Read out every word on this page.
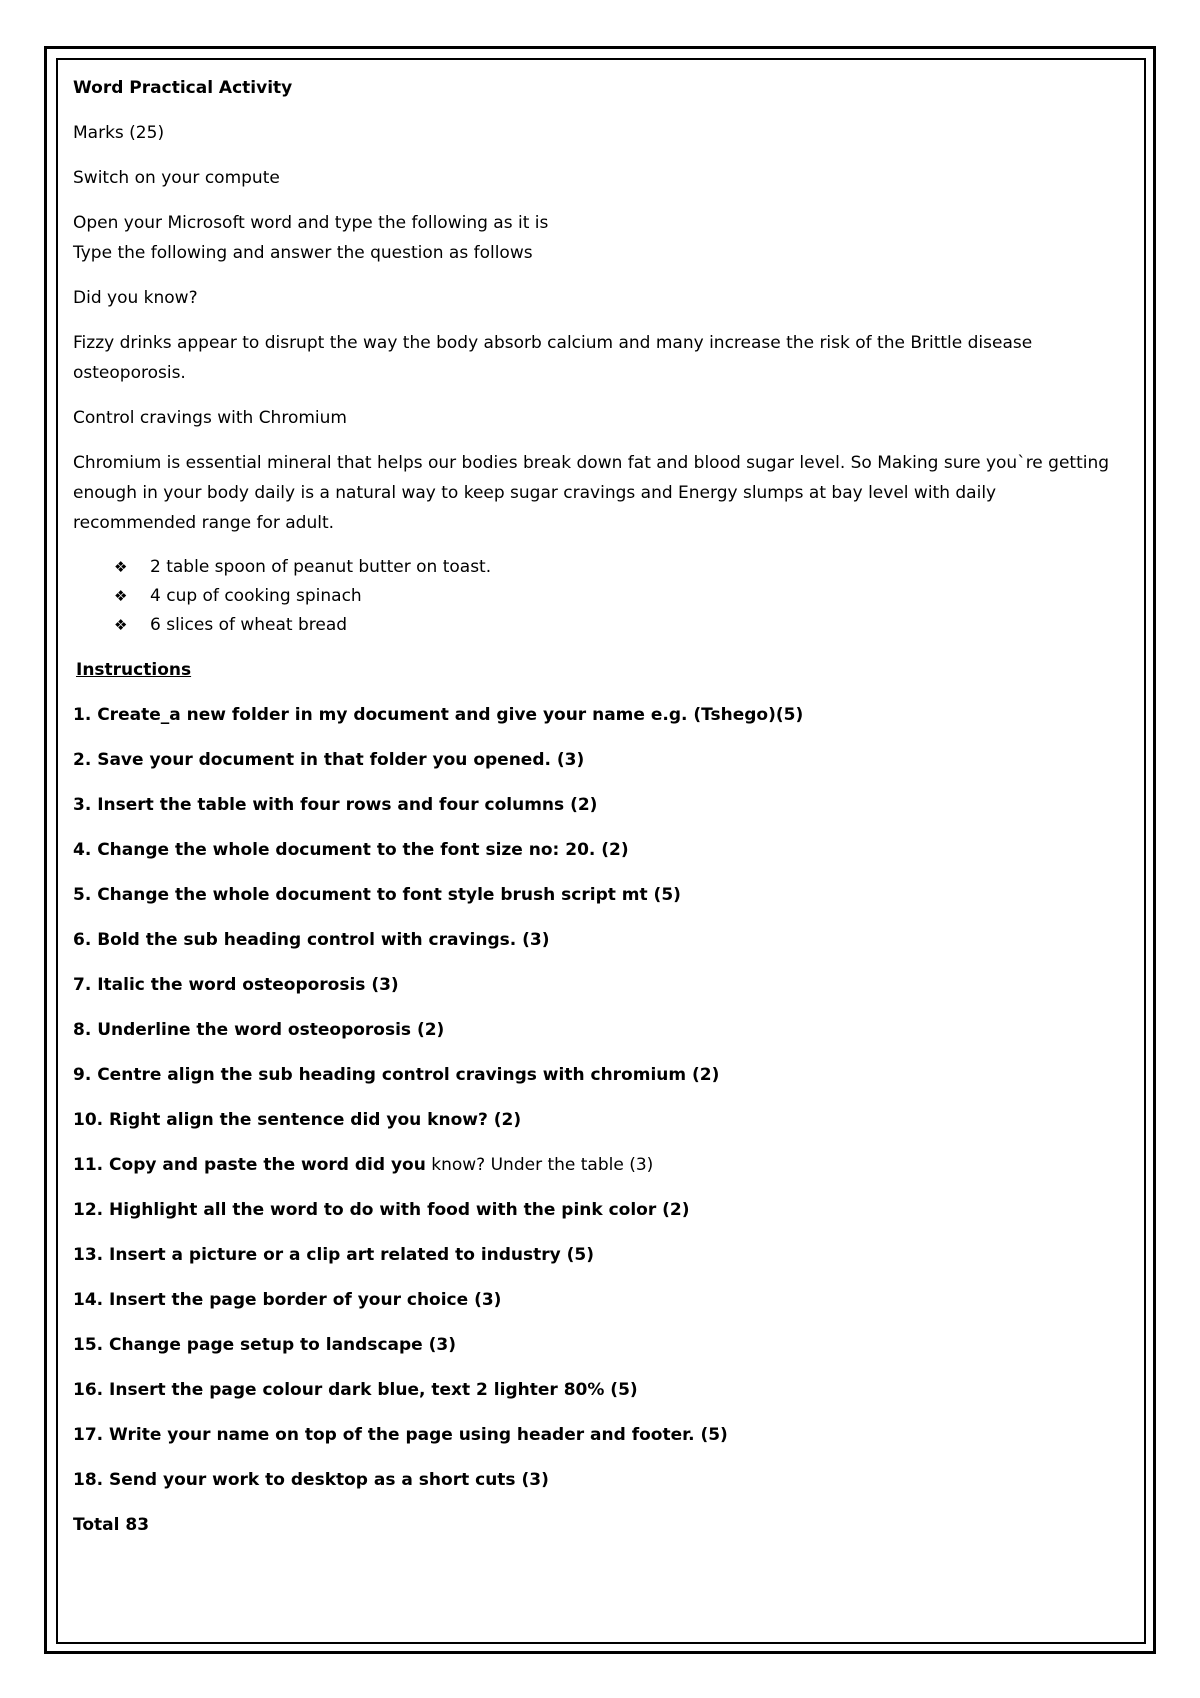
Word Practical Activity

Marks (25)

Switch on your compute

Open your Microsoft word and type the following as it is

Type the following and answer the question as follows

Did you know?

Fizzy drinks appear to disrupt the way the body absorb calcium and many increase the risk of the Brittle disease osteoporosis.

Control cravings with Chromium

Chromium is essential mineral that helps our bodies break down fat and blood sugar level. So Making sure you`re getting enough in your body daily is a natural way to keep sugar cravings and Energy slumps at bay level with daily recommended range for adult.

❖	2 table spoon of peanut butter on toast.
❖	4 cup of cooking spinach
❖	6 slices of wheat bread

Instructions

1. Create_a new folder in my document and give your name e.g. (Tshego)(5)

2. Save your document in that folder you opened. (3)

3. Insert the table with four rows and four columns (2)

4. Change the whole document to the font size no: 20. (2)

5. Change the whole document to font style brush script mt (5)

6. Bold the sub heading control with cravings. (3)

7. Italic the word osteoporosis (3)

8. Underline the word osteoporosis (2)

9. Centre align the sub heading control cravings with chromium (2)

10. Right align the sentence did you know? (2)

11. Copy and paste the word did you know? Under the table (3)

12. Highlight all the word to do with food with the pink color (2)

13. Insert a picture or a clip art related to industry (5)

14. Insert the page border of your choice (3)

15. Change page setup to landscape (3)

16. Insert the page colour dark blue, text 2 lighter 80% (5)

17. Write your name on top of the page using header and footer. (5)

18. Send your work to desktop as a short cuts (3)

Total 83
